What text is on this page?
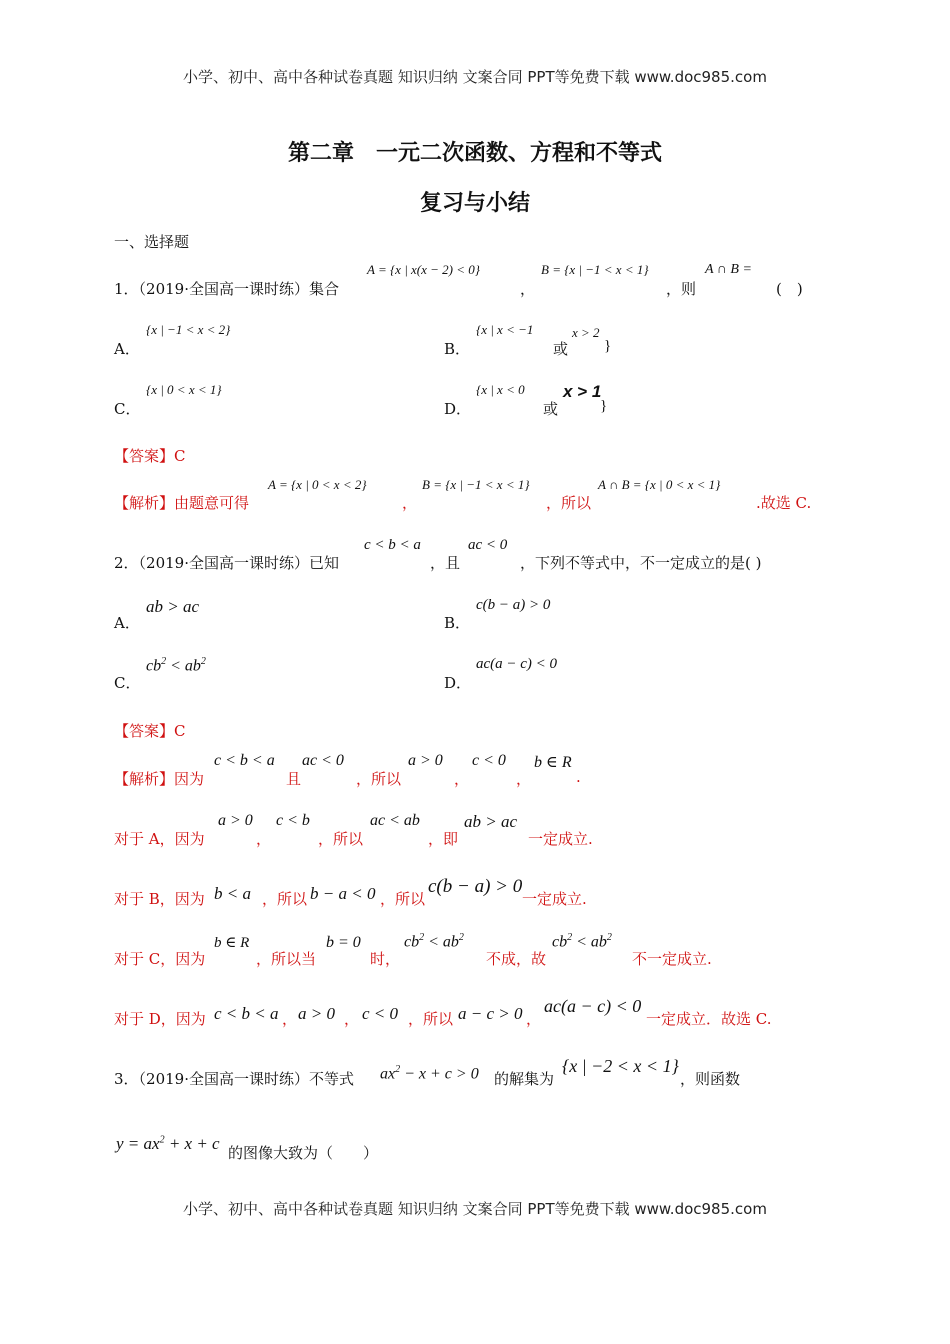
小学、初中、高中各种试卷真题 知识归纳 文案合同 PPT等免费下载 www.doc985.com
第二章　一元二次函数、方程和不等式
复习与小结
一、选择题
1．（2019·全国高一课时练）集合
A = {x | x(x − 2) < 0}
，
B = {x | −1 < x < 1}
，则
A ∩ B =
(　)
A．
{x | −1 < x < 2}
B．
{x | x < −1
或
x > 2
}
C．
{x | 0 < x < 1}
D．
{x | x < 0
或
x > 1
}
【答案】C
【解析】由题意可得
A = {x | 0 < x < 2}
，
B = {x | −1 < x < 1}
，所以
A ∩ B = {x | 0 < x < 1}
.故选 C.
2．（2019·全国高一课时练）已知
c < b < a
，且
ac < 0
，下列不等式中，不一定成立的是( )
A．
ab > ac
B．
c(b − a) > 0
C．
$cb^2 < ab^2$
D．
ac(a − c) < 0
【答案】C
【解析】因为
c < b < a
且
ac < 0
，所以
a > 0
，
c < 0
，
b ∈ R
.
对于 A，因为
a > 0
，
c < b
，所以
ac < ab
，即
ab > ac
一定成立.
对于 B，因为 b < a ，所以 b − a < 0 ，所以
c(b − a) > 0
一定成立.
对于 C，因为
b ∈ R
，所以当
b = 0
时，
$cb^2 < ab^2$
不成，故
$cb^2 < ab^2$
不一定成立.
对于 D，因为 c < b < a ， a > 0 ， c < 0 ，所以 a − c > 0 ，
ac(a − c) < 0
一定成立．故选 C.
3．（2019·全国高一课时练）不等式 $ax^2 - x + c > 0$ 的解集为
{x | −2 < x < 1}
，则函数
$y = ax^2 + x + c$ 的图像大致为（　　）
小学、初中、高中各种试卷真题 知识归纳 文案合同 PPT等免费下载 www.doc985.com
